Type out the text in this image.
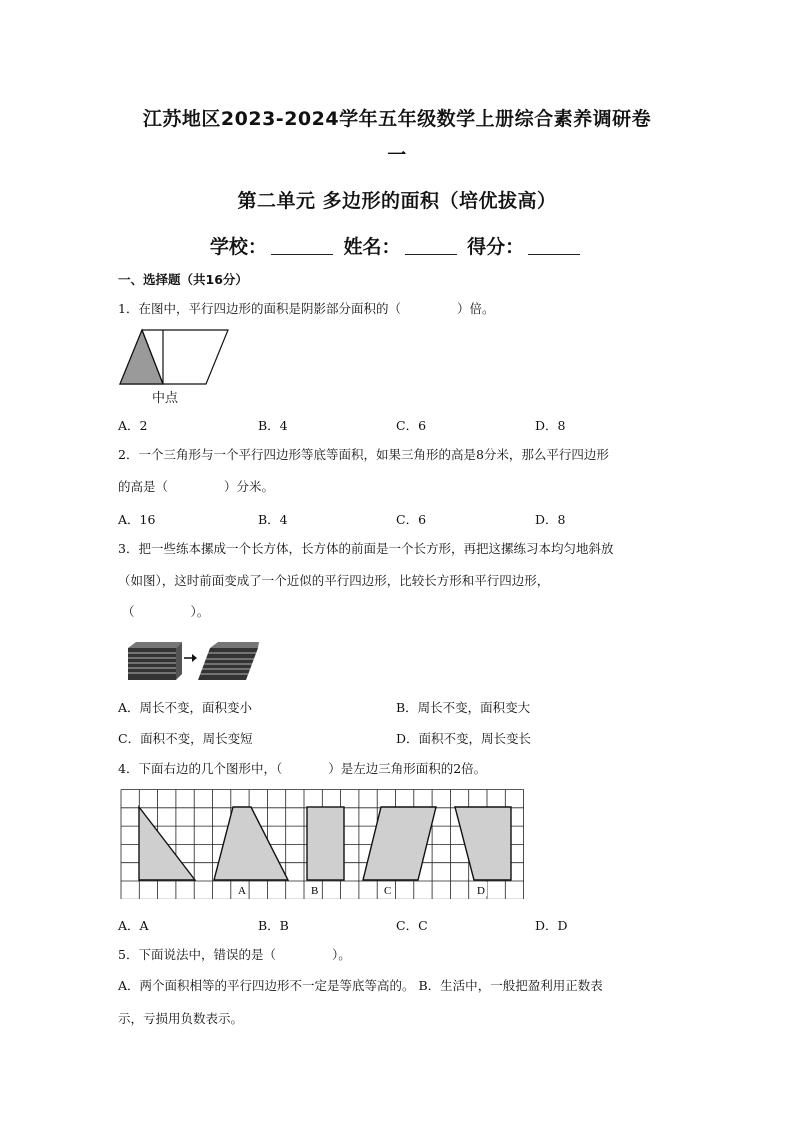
江苏地区2023-2024学年五年级数学上册综合素养调研卷
一
第二单元 多边形的面积（培优拔高）
学校：	姓名：	得分：
一、选择题（共16分）
1．在图中，平行四边形的面积是阴影部分面积的（	）倍。
中点
A．2	B．4	C．6	D．8
2．一个三角形与一个平行四边形等底等面积，如果三角形的高是8分米，那么平行四边形
的高是（	）分米。
A．16	B．4	C．6	D．8
3．把一些练本摞成一个长方体，长方体的前面是一个长方形，再把这摞练习本均匀地斜放
（如图），这时前面变成了一个近似的平行四边形，比较长方形和平行四边形，
（	）。
A．周长不变，面积变小	B．周长不变，面积变大
C．面积不变，周长变短	D．面积不变，周长变长
4．下面右边的几个图形中，（	）是左边三角形面积的2倍。
A	B	C	D
A．A	B．B	C．C	D．D
5．下面说法中，错误的是（	）。
A．两个面积相等的平行四边形不一定是等底等高的。 B．生活中，一般把盈利用正数表
示，亏损用负数表示。
